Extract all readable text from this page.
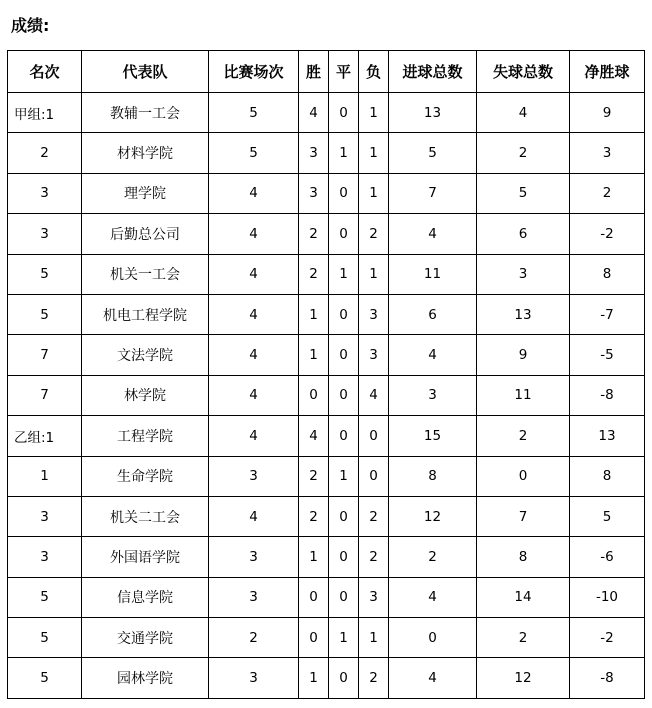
成绩:
名次	代表队	比赛场次	胜	平	负	进球总数	失球总数	净胜球
甲组:1	教辅一工会	5	4	0	1	13	4	9
2	材料学院	5	3	1	1	5	2	3
3	理学院	4	3	0	1	7	5	2
3	后勤总公司	4	2	0	2	4	6	-2
5	机关一工会	4	2	1	1	11	3	8
5	机电工程学院	4	1	0	3	6	13	-7
7	文法学院	4	1	0	3	4	9	-5
7	林学院	4	0	0	4	3	11	-8
乙组:1	工程学院	4	4	0	0	15	2	13
1	生命学院	3	2	1	0	8	0	8
3	机关二工会	4	2	0	2	12	7	5
3	外国语学院	3	1	0	2	2	8	-6
5	信息学院	3	0	0	3	4	14	-10
5	交通学院	2	0	1	1	0	2	-2
5	园林学院	3	1	0	2	4	12	-8
